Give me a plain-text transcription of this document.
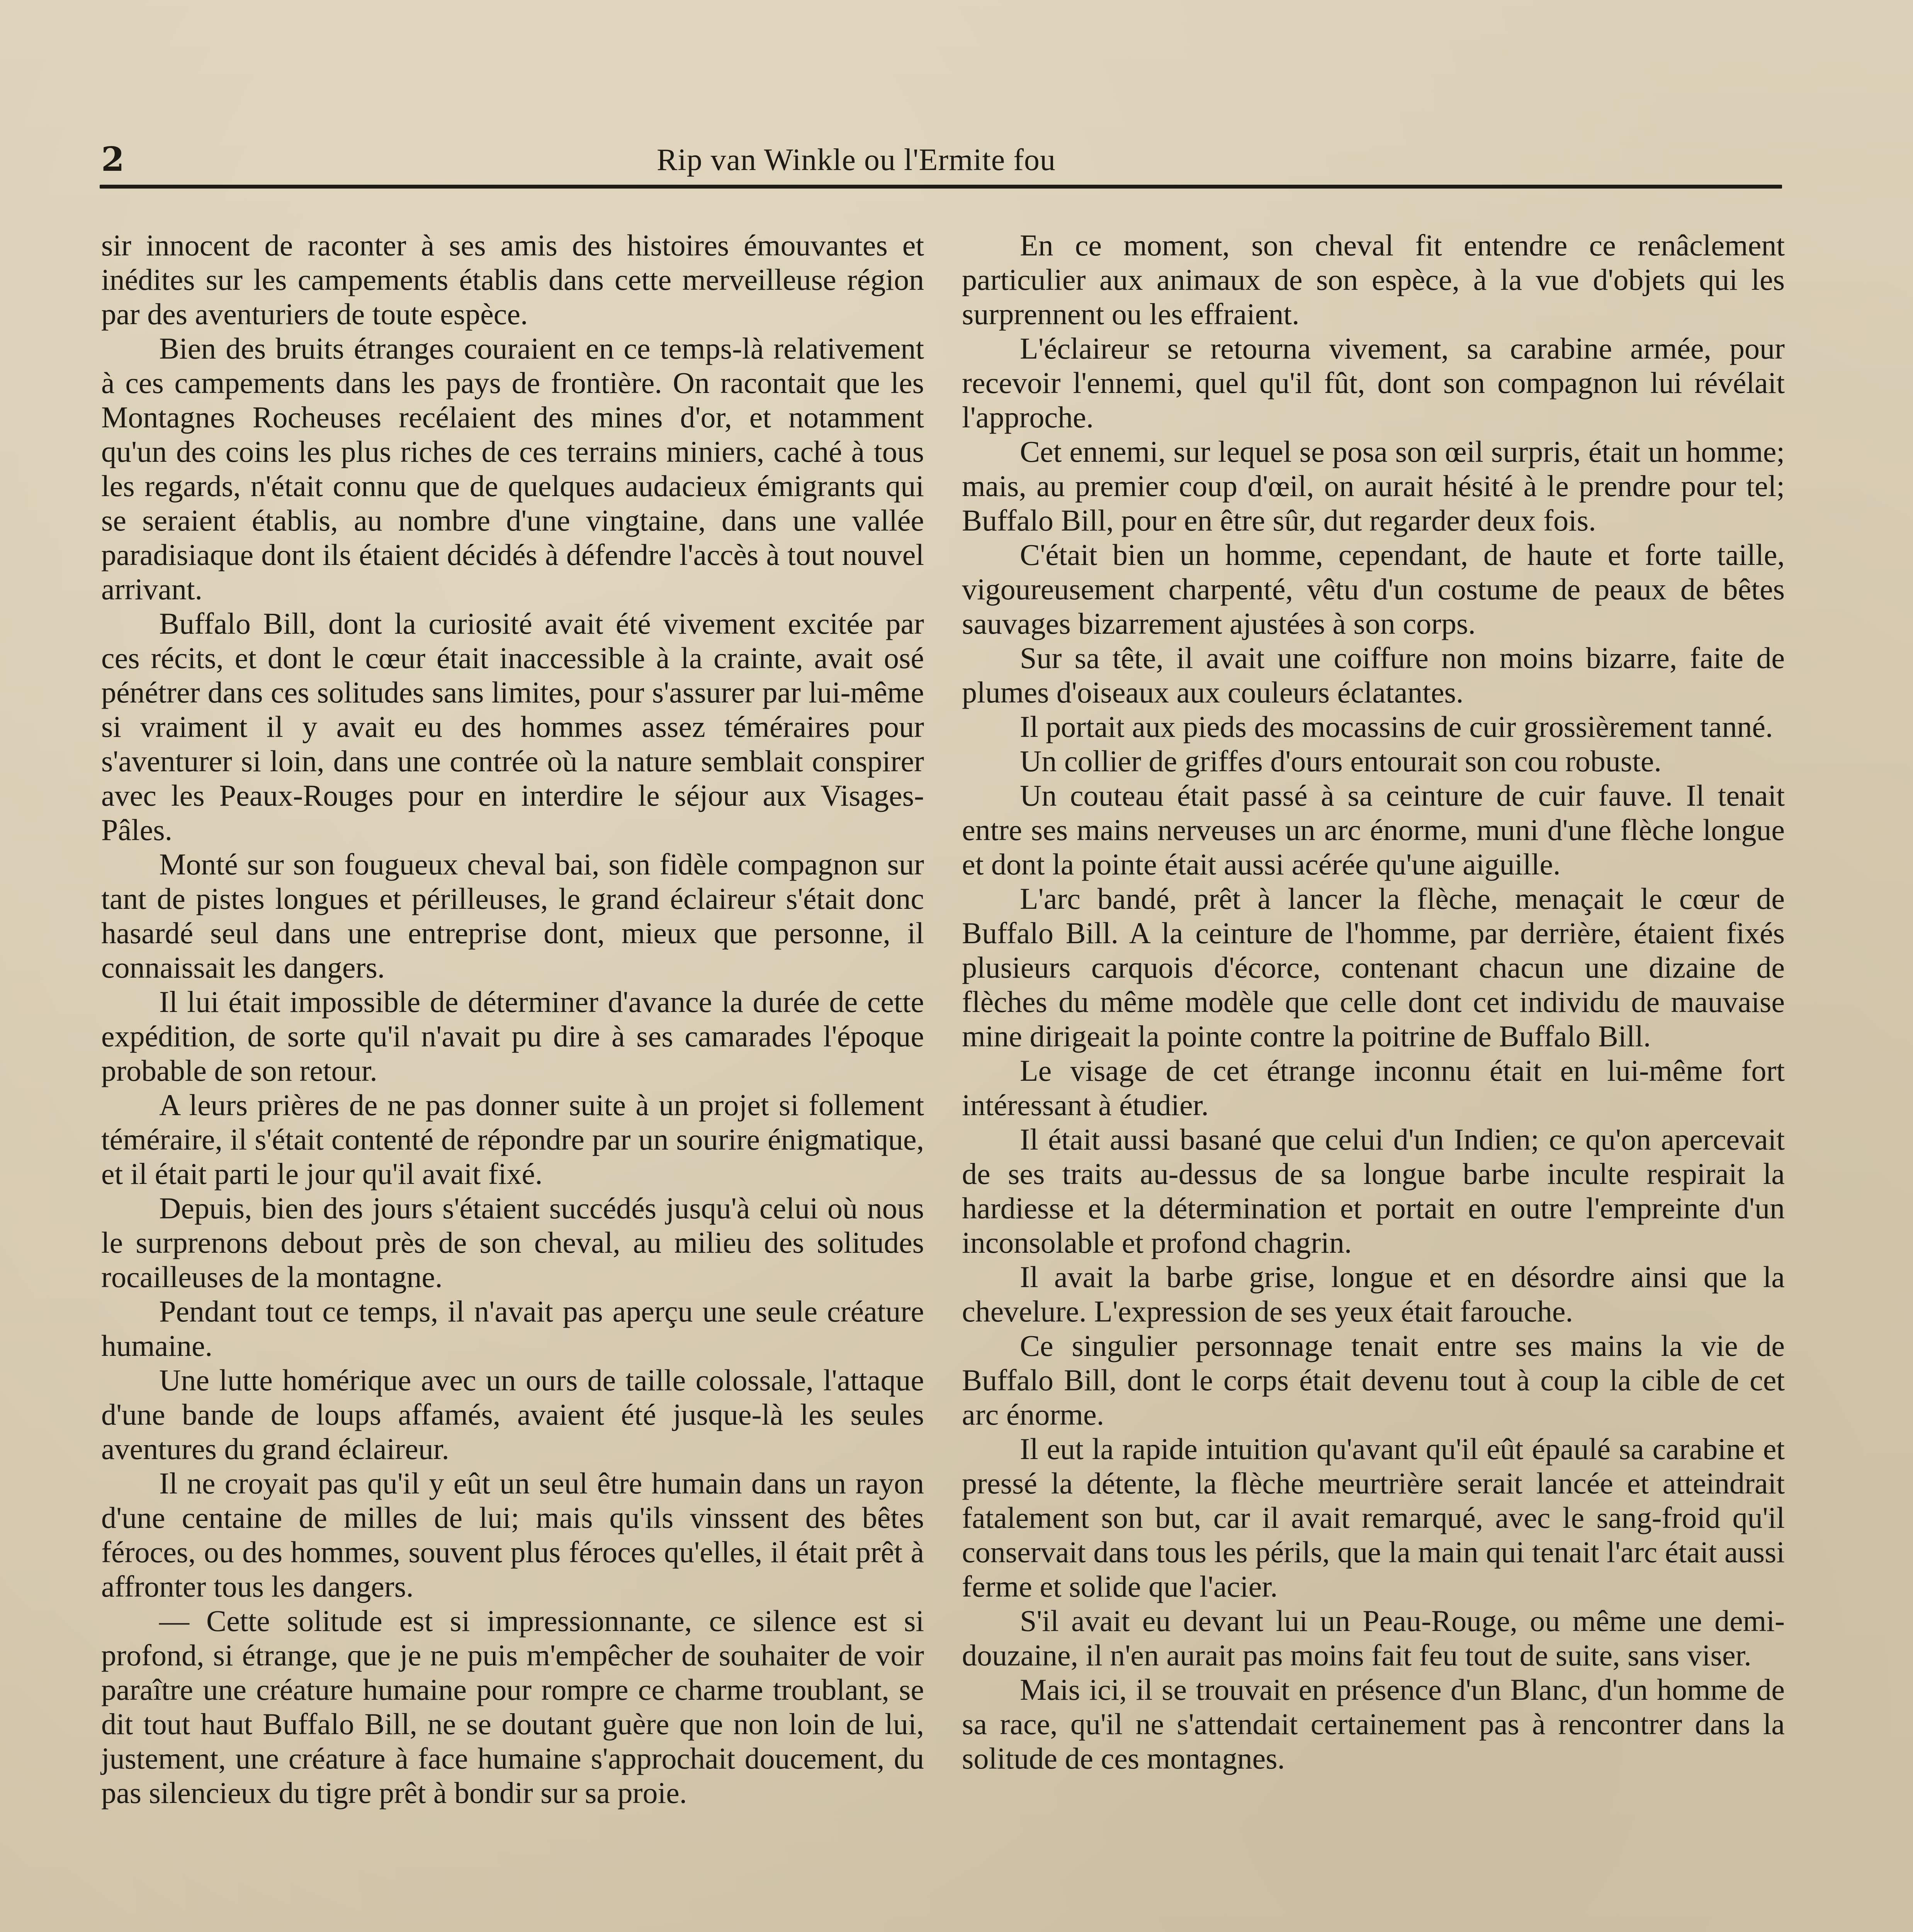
2	Rip van Winkle ou l'Ermite fou

sir innocent de raconter à ses amis des histoires émouvantes et inédites sur les campements établis dans cette merveilleuse région par des aventuriers de toute espèce.

Bien des bruits étranges couraient en ce temps-là relativement à ces campements dans les pays de frontière. On racontait que les Montagnes Rocheuses recélaient des mines d'or, et notamment qu'un des coins les plus riches de ces terrains miniers, caché à tous les regards, n'était connu que de quelques audacieux émigrants qui se seraient établis, au nombre d'une vingtaine, dans une vallée paradisiaque dont ils étaient décidés à défendre l'accès à tout nouvel arrivant.

Buffalo Bill, dont la curiosité avait été vivement excitée par ces récits, et dont le cœur était inaccessible à la crainte, avait osé pénétrer dans ces solitudes sans limites, pour s'assurer par lui-même si vraiment il y avait eu des hommes assez téméraires pour s'aventurer si loin, dans une contrée où la nature semblait conspirer avec les Peaux-Rouges pour en interdire le séjour aux Visages-Pâles.

Monté sur son fougueux cheval bai, son fidèle compagnon sur tant de pistes longues et périlleuses, le grand éclaireur s'était donc hasardé seul dans une entreprise dont, mieux que personne, il connaissait les dangers.

Il lui était impossible de déterminer d'avance la durée de cette expédition, de sorte qu'il n'avait pu dire à ses camarades l'époque probable de son retour.

A leurs prières de ne pas donner suite à un projet si follement téméraire, il s'était contenté de répondre par un sourire énigmatique, et il était parti le jour qu'il avait fixé.

Depuis, bien des jours s'étaient succédés jusqu'à celui où nous le surprenons debout près de son cheval, au milieu des solitudes rocailleuses de la montagne.

Pendant tout ce temps, il n'avait pas aperçu une seule créature humaine.

Une lutte homérique avec un ours de taille colossale, l'attaque d'une bande de loups affamés, avaient été jusque-là les seules aventures du grand éclaireur.

Il ne croyait pas qu'il y eût un seul être humain dans un rayon d'une centaine de milles de lui; mais qu'ils vinssent des bêtes féroces, ou des hommes, souvent plus féroces qu'elles, il était prêt à affronter tous les dangers.

— Cette solitude est si impressionnante, ce silence est si profond, si étrange, que je ne puis m'empêcher de souhaiter de voir paraître une créature humaine pour rompre ce charme troublant, se dit tout haut Buffalo Bill, ne se doutant guère que non loin de lui, justement, une créature à face humaine s'approchait doucement, du pas silencieux du tigre prêt à bondir sur sa proie.

En ce moment, son cheval fit entendre ce renâclement particulier aux animaux de son espèce, à la vue d'objets qui les surprennent ou les effraient.

L'éclaireur se retourna vivement, sa carabine armée, pour recevoir l'ennemi, quel qu'il fût, dont son compagnon lui révélait l'approche.

Cet ennemi, sur lequel se posa son œil surpris, était un homme; mais, au premier coup d'œil, on aurait hésité à le prendre pour tel; Buffalo Bill, pour en être sûr, dut regarder deux fois.

C'était bien un homme, cependant, de haute et forte taille, vigoureusement charpenté, vêtu d'un costume de peaux de bêtes sauvages bizarrement ajustées à son corps.

Sur sa tête, il avait une coiffure non moins bizarre, faite de plumes d'oiseaux aux couleurs éclatantes.

Il portait aux pieds des mocassins de cuir grossièrement tanné.

Un collier de griffes d'ours entourait son cou robuste.

Un couteau était passé à sa ceinture de cuir fauve. Il tenait entre ses mains nerveuses un arc énorme, muni d'une flèche longue et dont la pointe était aussi acérée qu'une aiguille.

L'arc bandé, prêt à lancer la flèche, menaçait le cœur de Buffalo Bill. A la ceinture de l'homme, par derrière, étaient fixés plusieurs carquois d'écorce, contenant chacun une dizaine de flèches du même modèle que celle dont cet individu de mauvaise mine dirigeait la pointe contre la poitrine de Buffalo Bill.

Le visage de cet étrange inconnu était en lui-même fort intéressant à étudier.

Il était aussi basané que celui d'un Indien; ce qu'on apercevait de ses traits au-dessus de sa longue barbe inculte respirait la hardiesse et la détermination et portait en outre l'empreinte d'un inconsolable et profond chagrin.

Il avait la barbe grise, longue et en désordre ainsi que la chevelure. L'expression de ses yeux était farouche.

Ce singulier personnage tenait entre ses mains la vie de Buffalo Bill, dont le corps était devenu tout à coup la cible de cet arc énorme.

Il eut la rapide intuition qu'avant qu'il eût épaulé sa carabine et pressé la détente, la flèche meurtrière serait lancée et atteindrait fatalement son but, car il avait remarqué, avec le sang-froid qu'il conservait dans tous les périls, que la main qui tenait l'arc était aussi ferme et solide que l'acier.

S'il avait eu devant lui un Peau-Rouge, ou même une demi-douzaine, il n'en aurait pas moins fait feu tout de suite, sans viser.

Mais ici, il se trouvait en présence d'un Blanc, d'un homme de sa race, qu'il ne s'attendait certainement pas à rencontrer dans la solitude de ces montagnes.
